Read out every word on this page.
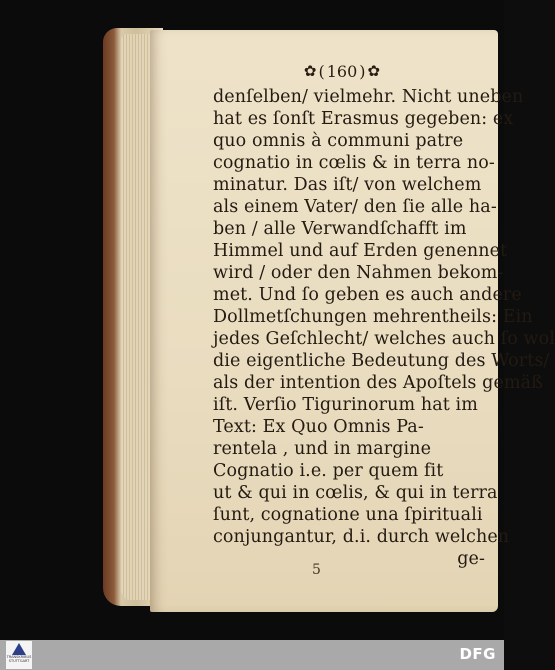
✿ ( 160 ) ✿
denſelben/ vielmehr. Nicht uneben
hat es ſonſt Erasmus gegeben: ex
quo omnis à communi patre
cognatio in cœlis & in terra no-
minatur. Das iſt/ von welchem
als einem Vater/ den ſie alle ha-
ben / alle Verwandſchafft im
Himmel und auf Erden genennet
wird / oder den Nahmen bekom-
met. Und ſo geben es auch andere
Dollmetſchungen mehrentheils: Ein
jedes Geſchlecht/ welches auch ſo wol
die eigentliche Bedeutung des Worts/
als der intention des Apoſtels gemäß
iſt. Verſio Tigurinorum hat im
Text: Ex Quo Omnis Pa-
rentela , und in margine
Cognatio i.e. per quem fit
ut & qui in cœlis, & qui in terra
ſunt, cognatione una ſpirituali
conjungantur, d.i. durch welchen
ge-
5
TRANSKRIBUS STUTTGART	DFG
